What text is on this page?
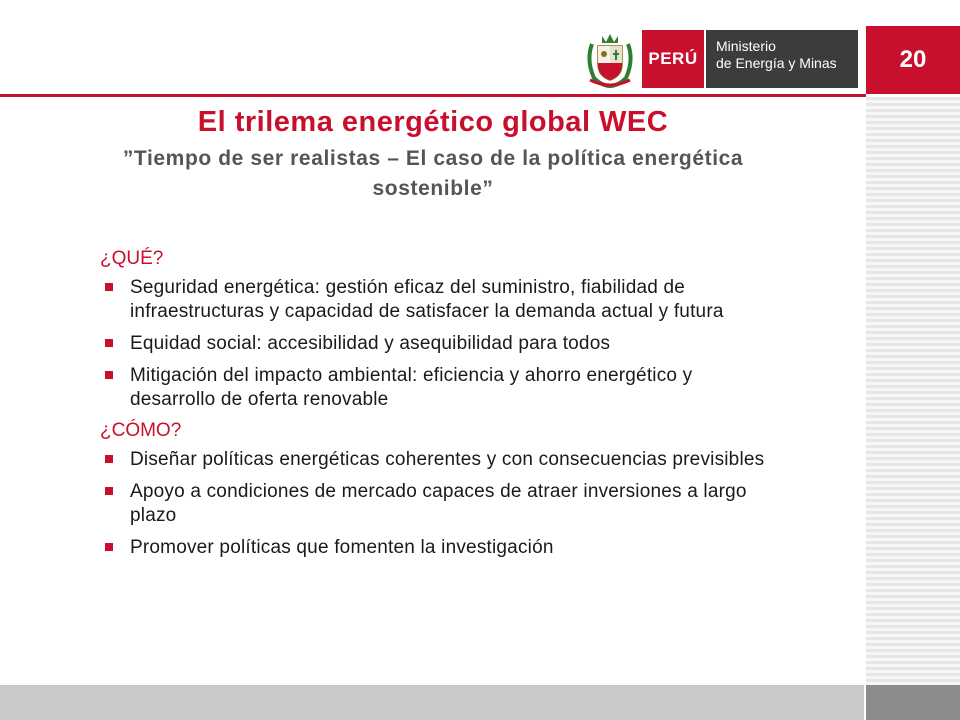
20
PERÚ
Ministerio
de Energía y Minas
El trilema energético global WEC
”Tiempo de ser realistas – El caso de la política energética sostenible”
¿QUÉ?
Seguridad energética: gestión eficaz del suministro, fiabilidad de infraestructuras y capacidad de satisfacer la demanda actual y futura
Equidad social: accesibilidad y asequibilidad para todos
Mitigación del impacto ambiental: eficiencia y ahorro energético y desarrollo de oferta renovable
¿CÓMO?
Diseñar políticas energéticas coherentes y con consecuencias previsibles
Apoyo a condiciones de mercado capaces de atraer inversiones a largo plazo
Promover políticas que fomenten la investigación
